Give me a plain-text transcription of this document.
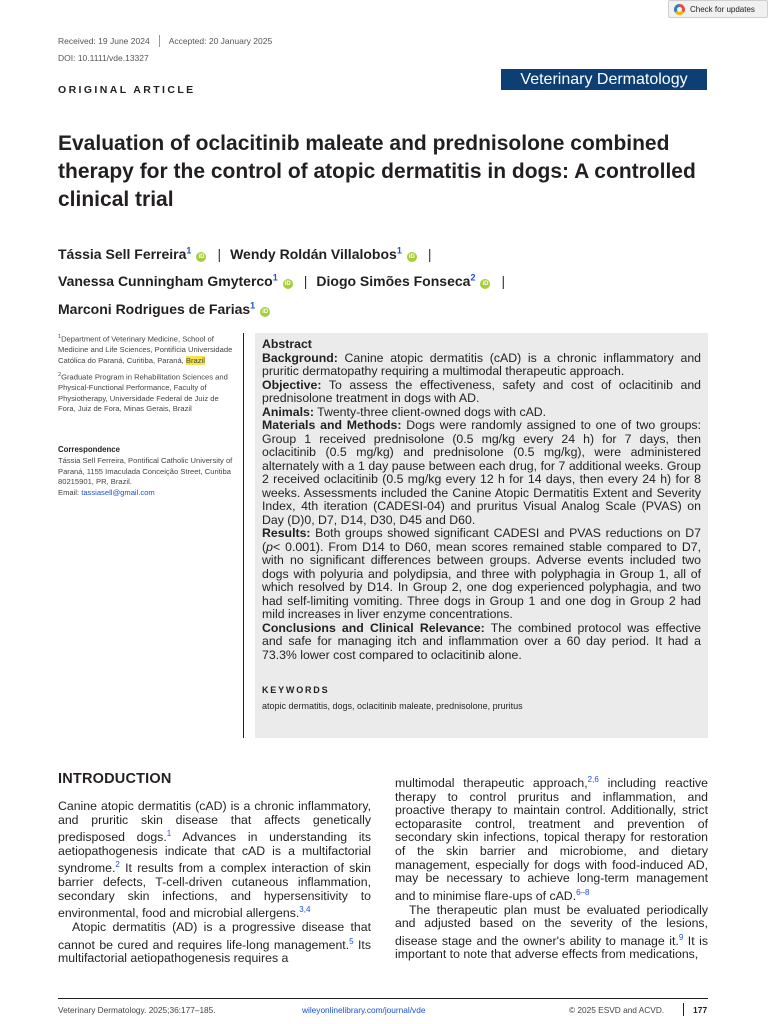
Check for updates
Received: 19 June 2024 Accepted: 20 January 2025
DOI: 10.1111/vde.13327
ORIGINAL ARTICLE
Veterinary Dermatology
Evaluation of oclacitinib maleate and prednisolone combined therapy for the control of atopic dermatitis in dogs: A controlled clinical trial
Tássia Sell Ferreira$^1$iD | Wendy Roldán Villalobos$^1$iD |
Vanessa Cunningham Gmyterco$^1$iD | Diogo Simões Fonseca$^2$iD |
Marconi Rodrigues de Farias$^1$iD

$^1$Department of Veterinary Medicine, School of Medicine and Life Sciences, Pontifícia Universidade Católica do Paraná, Curitiba, Paraná, Brazil

$^2$Graduate Program in Rehabilitation Sciences and Physical-Functional Performance, Faculty of Physiotherapy, Universidade Federal de Juiz de Fora, Juiz de Fora, Minas Gerais, Brazil

Correspondence
Tássia Sell Ferreira, Pontifical Catholic University of Paraná, 1155 Imaculada Conceição Street, Curitiba 80215901, PR, Brazil.
Email: tassiasell@gmail.com

Abstract

Background: Canine atopic dermatitis (cAD) is a chronic inflammatory and pruritic dermatopathy requiring a multimodal therapeutic approach.

Objective: To assess the effectiveness, safety and cost of oclacitinib and prednisolone treatment in dogs with AD.

Animals: Twenty-three client-owned dogs with cAD.

Materials and Methods: Dogs were randomly assigned to one of two groups: Group 1 received prednisolone (0.5 mg/kg every 24 h) for 7 days, then oclacitinib (0.5 mg/kg) and prednisolone (0.5 mg/kg), were administered alternately with a 1 day pause between each drug, for 7 additional weeks. Group 2 received oclacitinib (0.5 mg/kg every 12 h for 14 days, then every 24 h) for 8 weeks. Assessments included the Canine Atopic Dermatitis Extent and Severity Index, 4th iteration (CADESI-04) and pruritus Visual Analog Scale (PVAS) on Day (D)0, D7, D14, D30, D45 and D60.

Results: Both groups showed significant CADESI and PVAS reductions on D7 (p< 0.001). From D14 to D60, mean scores remained stable compared to D7, with no significant differences between groups. Adverse events included two dogs with polyuria and polydipsia, and three with polyphagia in Group 1, all of which resolved by D14. In Group 2, one dog experienced polyphagia, and two had self-limiting vomiting. Three dogs in Group 1 and one dog in Group 2 had mild increases in liver enzyme concentrations.

Conclusions and Clinical Relevance: The combined protocol was effective and safe for managing itch and inflammation over a 60 day period. It had a 73.3% lower cost compared to oclacitinib alone.

KEYWORDS

atopic dermatitis, dogs, oclacitinib maleate, prednisolone, pruritus

INTRODUCTION

Canine atopic dermatitis (cAD) is a chronic inflammatory, and pruritic skin disease that affects genetically predisposed dogs.$^1$ Advances in understanding its aetiopathogenesis indicate that cAD is a multifactorial syndrome.$^2$ It results from a complex interaction of skin barrier defects, T-cell-driven cutaneous inflammation, secondary skin infections, and hypersensitivity to environmental, food and microbial allergens.$^{3,4}$

Atopic dermatitis (AD) is a progressive disease that cannot be cured and requires life-long management.$^5$ Its multifactorial aetiopathogenesis requires a

multimodal therapeutic approach,$^{2,6}$ including reactive therapy to control pruritus and inflammation, and proactive therapy to maintain control. Additionally, strict ectoparasite control, treatment and prevention of secondary skin infections, topical therapy for restoration of the skin barrier and microbiome, and dietary management, especially for dogs with food-induced AD, may be necessary to achieve long-term management and to minimise flare-ups of cAD.$^{6-8}$

The therapeutic plan must be evaluated periodically and adjusted based on the severity of the lesions, disease stage and the owner's ability to manage it.$^9$ It is important to note that adverse effects from medications,

Veterinary Dermatology. 2025;36:177–185.	wileyonlinelibrary.com/journal/vde	© 2025 ESVD and ACVD.	177
